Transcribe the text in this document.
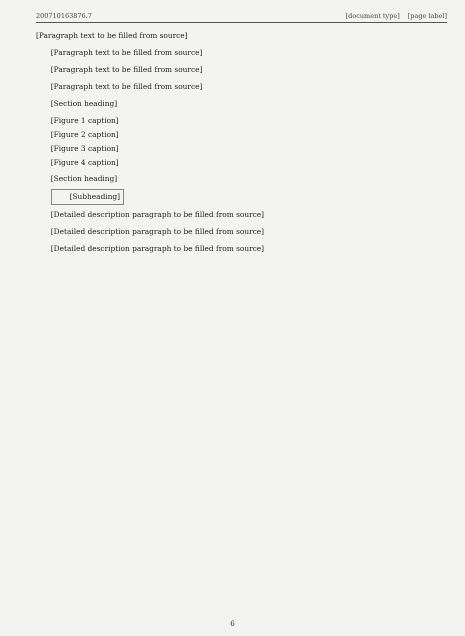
200710163876.7	[document type] [page label]

[Paragraph text to be filled from source]

[Paragraph text to be filled from source]

[Paragraph text to be filled from source]

[Paragraph text to be filled from source]

[Section heading]
[Figure 1 caption]
[Figure 2 caption]
[Figure 3 caption]
[Figure 4 caption]
[Section heading]
[Subheading]

[Detailed description paragraph to be filled from source]

[Detailed description paragraph to be filled from source]

[Detailed description paragraph to be filled from source]

6
